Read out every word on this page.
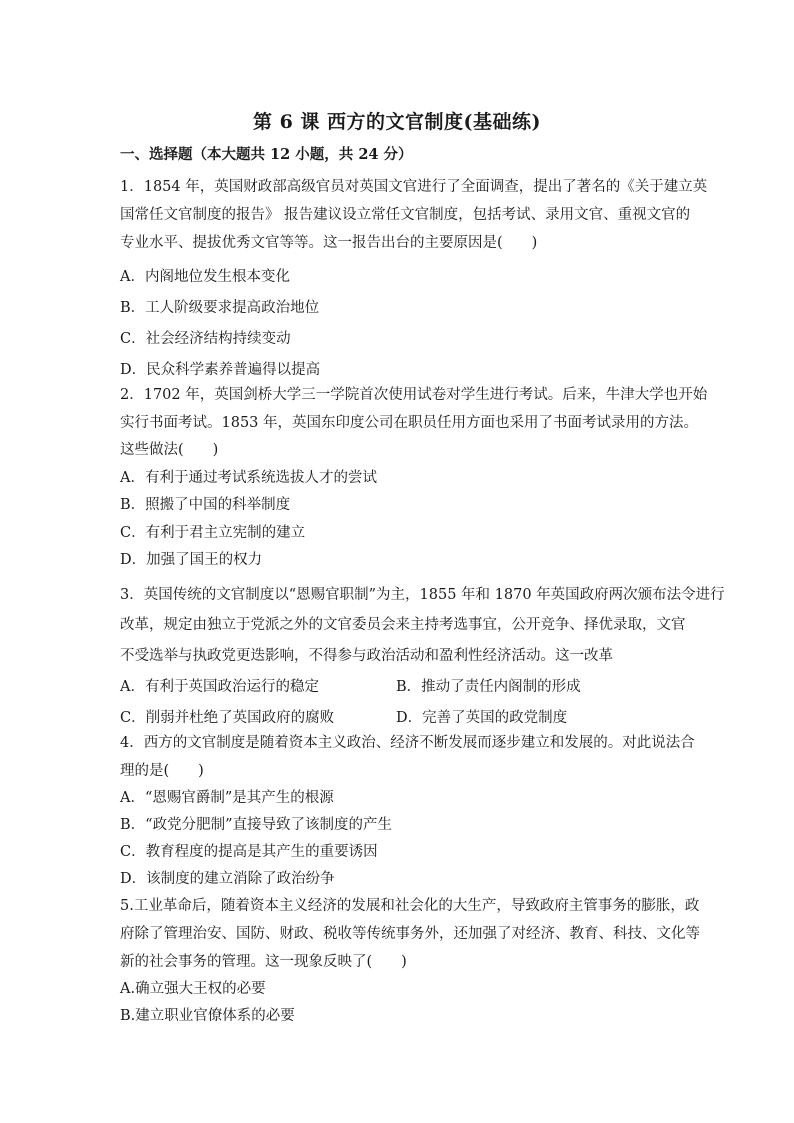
第 6 课 西方的文官制度(基础练)
一、选择题（本大题共 12 小题，共 24 分）
1．1854 年，英国财政部高级官员对英国文官进行了全面调查，提出了著名的《关于建立英
国常任文官制度的报告》 报告建议设立常任文官制度，包括考试、录用文官、重视文官的
专业水平、提拔优秀文官等等。这一报告出台的主要原因是(　　)
A．内阁地位发生根本变化
B．工人阶级要求提高政治地位
C．社会经济结构持续变动
D．民众科学素养普遍得以提高
2．1702 年，英国剑桥大学三一学院首次使用试卷对学生进行考试。后来，牛津大学也开始
实行书面考试。1853 年，英国东印度公司在职员任用方面也采用了书面考试录用的方法。
这些做法(　　)
A．有利于通过考试系统选拔人才的尝试
B．照搬了中国的科举制度
C．有利于君主立宪制的建立
D．加强了国王的权力
3．英国传统的文官制度以“恩赐官职制”为主，1855 年和 1870 年英国政府两次颁布法令进行
改革，规定由独立于党派之外的文官委员会来主持考选事宜，公开竞争、择优录取，文官
不受选举与执政党更迭影响，不得参与政治活动和盈利性经济活动。这一改革
A．有利于英国政治运行的稳定	B．推动了责任内阁制的形成
C．削弱并杜绝了英国政府的腐败	D．完善了英国的政党制度
4．西方的文官制度是随着资本主义政治、经济不断发展而逐步建立和发展的。对此说法合
理的是(　　)
A．“恩赐官爵制”是其产生的根源
B．“政党分肥制”直接导致了该制度的产生
C．教育程度的提高是其产生的重要诱因
D．该制度的建立消除了政治纷争
5.工业革命后，随着资本主义经济的发展和社会化的大生产，导致政府主管事务的膨胀，政
府除了管理治安、国防、财政、税收等传统事务外，还加强了对经济、教育、科技、文化等
新的社会事务的管理。这一现象反映了(　　)
A.确立强大王权的必要
B.建立职业官僚体系的必要
